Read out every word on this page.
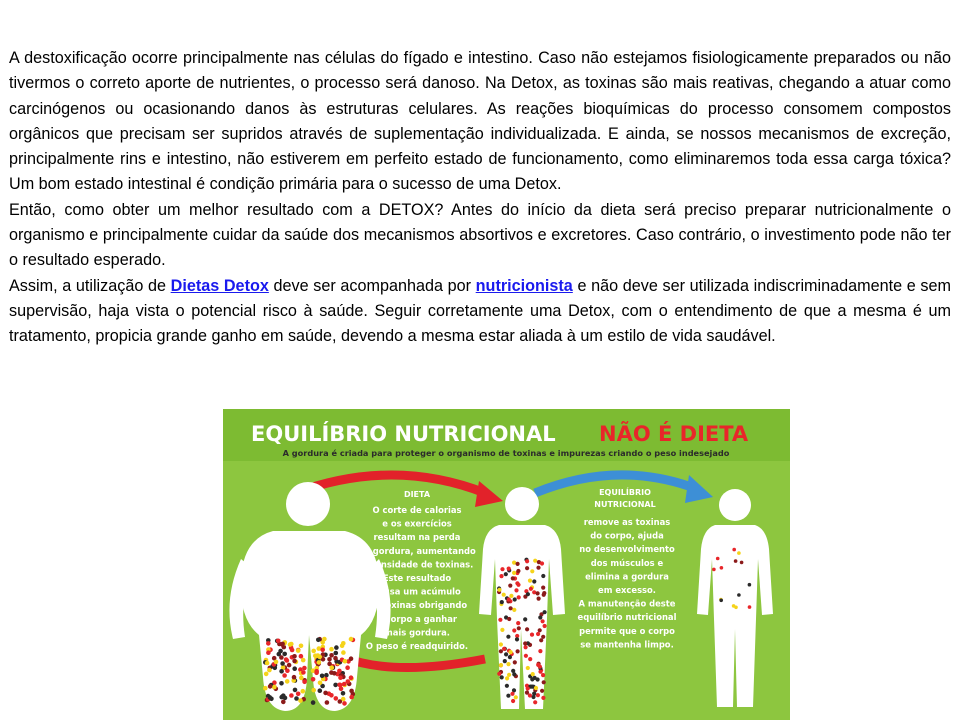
A destoxificação ocorre principalmente nas células do fígado e intestino. Caso não estejamos fisiologicamente preparados ou não tivermos o correto aporte de nutrientes, o processo será danoso. Na Detox, as toxinas são mais reativas, chegando a atuar como carcinógenos ou ocasionando danos às estruturas celulares. As reações bioquímicas do processo consomem compostos orgânicos que precisam ser supridos através de suplementação individualizada. E ainda, se nossos mecanismos de excreção, principalmente rins e intestino, não estiverem em perfeito estado de funcionamento, como eliminaremos toda essa carga tóxica? Um bom estado intestinal é condição primária para o sucesso de uma Detox.

Então, como obter um melhor resultado com a DETOX? Antes do início da dieta será preciso preparar nutricionalmente o organismo e principalmente cuidar da saúde dos mecanismos absortivos e excretores. Caso contrário, o investimento pode não ter o resultado esperado.

Assim, a utilização de Dietas Detox deve ser acompanhada por nutricionista e não deve ser utilizada indiscriminadamente e sem supervisão, haja vista o potencial risco à saúde. Seguir corretamente uma Detox, com o entendimento de que a mesma é um tratamento, propicia grande ganho em saúde, devendo a mesma estar aliada à um estilo de vida saudável.

EQUILÍBRIO NUTRICIONAL NÃO É DIETA
A gordura é criada para proteger o organismo de toxinas e impurezas criando o peso indesejado
DIETA
O corte de calorias
e os exercícios
resultam na perda
da gordura, aumentando
a densidade de toxinas.
Este resultado
causa um acúmulo
de toxinas obrigando
o corpo a ganhar
mais gordura.
O peso é readquirido.
EQUILÍBRIO
NUTRICIONAL
remove as toxinas
do corpo, ajuda
no desenvolvimento
dos músculos e
elimina a gordura
em excesso.
A manutenção deste
equilíbrio nutricional
permite que o corpo
se mantenha limpo.
